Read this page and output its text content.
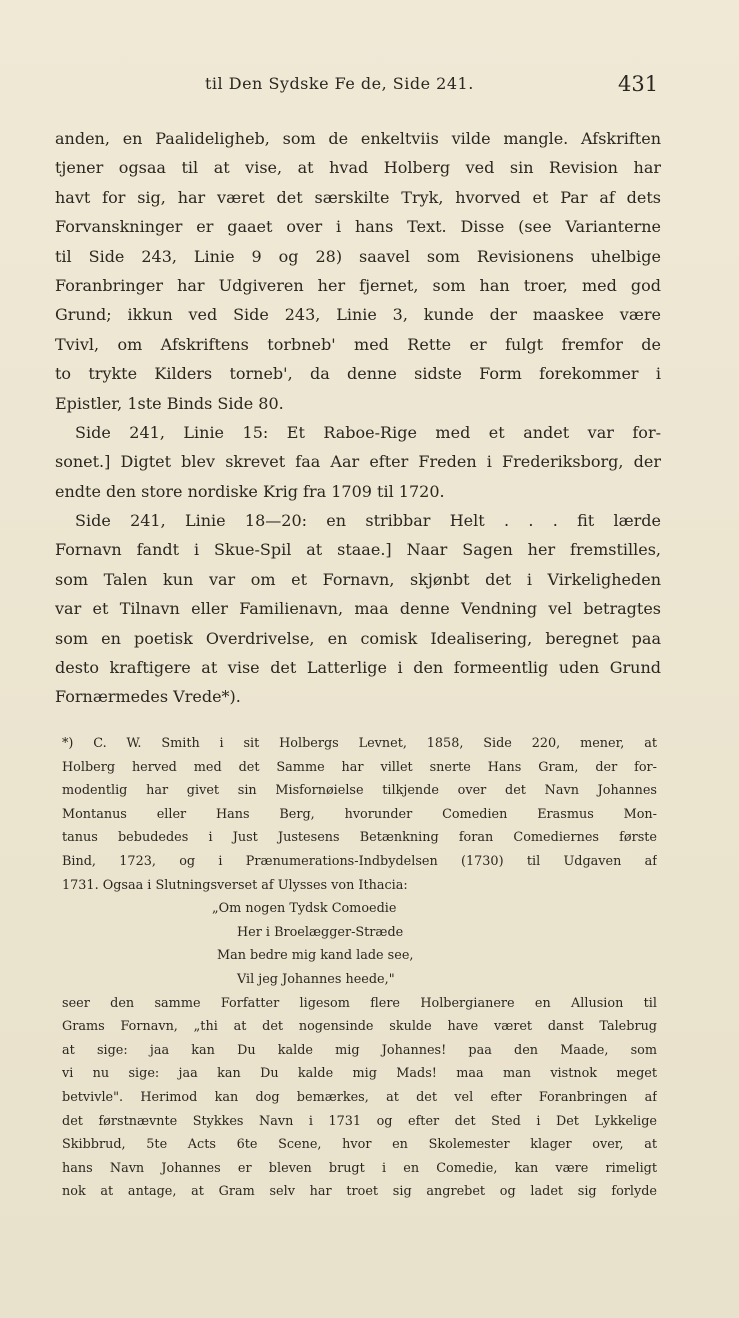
til Den Sydske Fe de, Side 241.	431
anden, en Paalideligheb, som de enkeltviis vilde mangle. Afskriften
tjener ogsaa til at vise, at hvad Holberg ved sin Revision har
havt for sig, har været det særskilte Tryk, hvorved et Par af dets
Forvanskninger er gaaet over i hans Text. Disse (see Varianterne
til Side 243, Linie 9 og 28) saavel som Revisionens uhelbige
Foranbringer har Udgiveren her fjernet, som han troer, med god
Grund; ikkun ved Side 243, Linie 3, kunde der maaskee være
Tvivl, om Afskriftens torbneb' med Rette er fulgt fremfor de
to trykte Kilders torneb', da denne sidste Form forekommer i
Epistler, 1ste Binds Side 80.
Side 241, Linie 15: Et Raboe-Rige med et andet var for-
sonet.] Digtet blev skrevet faa Aar efter Freden i Frederiksborg, der
endte den store nordiske Krig fra 1709 til 1720.
Side 241, Linie 18—20: en stribbar Helt . . . fit lærde
Fornavn fandt i Skue-Spil at staae.] Naar Sagen her fremstilles,
som Talen kun var om et Fornavn, skjønbt det i Virkeligheden
var et Tilnavn eller Familienavn, maa denne Vendning vel betragtes
som en poetisk Overdrivelse, en comisk Idealisering, beregnet paa
desto kraftigere at vise det Latterlige i den formeentlig uden Grund
Fornærmedes Vrede*).
*) C. W. Smith i sit Holbergs Levnet, 1858, Side 220, mener, at
Holberg herved med det Samme har villet snerte Hans Gram, der for-
modentlig har givet sin Misfornøielse tilkjende over det Navn Johannes
Montanus eller Hans Berg, hvorunder Comedien Erasmus Mon-
tanus bebudedes i Just Justesens Betænkning foran Comediernes første
Bind, 1723, og i Prænumerations-Indbydelsen (1730) til Udgaven af
1731. Ogsaa i Slutningsverset af Ulysses von Ithacia:
„Om nogen Tydsk Comoedie
Her i Broelægger-Stræde
Man bedre mig kand lade see,
Vil jeg Johannes heede,"
seer den samme Forfatter ligesom flere Holbergianere en Allusion til
Grams Fornavn, „thi at det nogensinde skulde have været danst Talebrug
at sige: jaa kan Du kalde mig Johannes! paa den Maade, som
vi nu sige: jaa kan Du kalde mig Mads! maa man vistnok meget
betvivle". Herimod kan dog bemærkes, at det vel efter Foranbringen af
det førstnævnte Stykkes Navn i 1731 og efter det Sted i Det Lykkelige
Skibbrud, 5te Acts 6te Scene, hvor en Skolemester klager over, at
hans Navn Johannes er bleven brugt i en Comedie, kan være rimeligt
nok at antage, at Gram selv har troet sig angrebet og ladet sig forlyde
